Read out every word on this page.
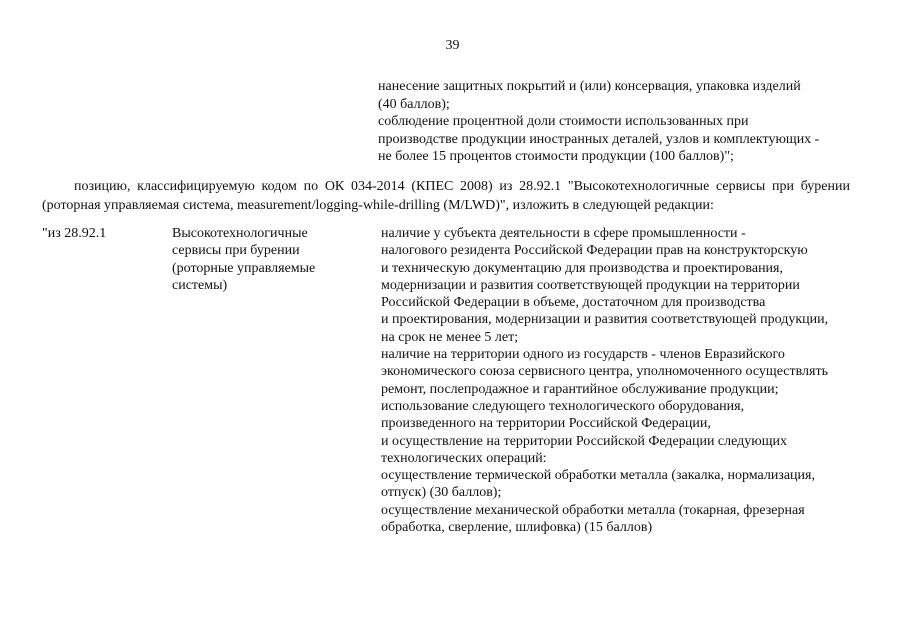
39
нанесение защитных покрытий и (или) консервация, упаковка изделий
(40 баллов);
соблюдение процентной доли стоимости использованных при
производстве продукции иностранных деталей, узлов и комплектующих -
не более 15 процентов стоимости продукции (100 баллов)";
позицию, классифицируемую кодом по ОК 034-2014 (КПЕС 2008) из 28.92.1 "Высокотехнологичные сервисы при бурении (роторная управляемая система, measurement/logging-while-drilling (M/LWD)", изложить в следующей редакции:
"из 28.92.1	Высокотехнологичные
сервисы при бурении
(роторные управляемые
системы)
наличие у субъекта деятельности в сфере промышленности -
налогового резидента Российской Федерации прав на конструкторскую
и техническую документацию для производства и проектирования,
модернизации и развития соответствующей продукции на территории
Российской Федерации в объеме, достаточном для производства
и проектирования, модернизации и развития соответствующей продукции,
на срок не менее 5 лет;
наличие на территории одного из государств - членов Евразийского
экономического союза сервисного центра, уполномоченного осуществлять
ремонт, послепродажное и гарантийное обслуживание продукции;
использование следующего технологического оборудования,
произведенного на территории Российской Федерации,
и осуществление на территории Российской Федерации следующих
технологических операций:
осуществление термической обработки металла (закалка, нормализация,
отпуск) (30 баллов);
осуществление механической обработки металла (токарная, фрезерная
обработка, сверление, шлифовка) (15 баллов)
